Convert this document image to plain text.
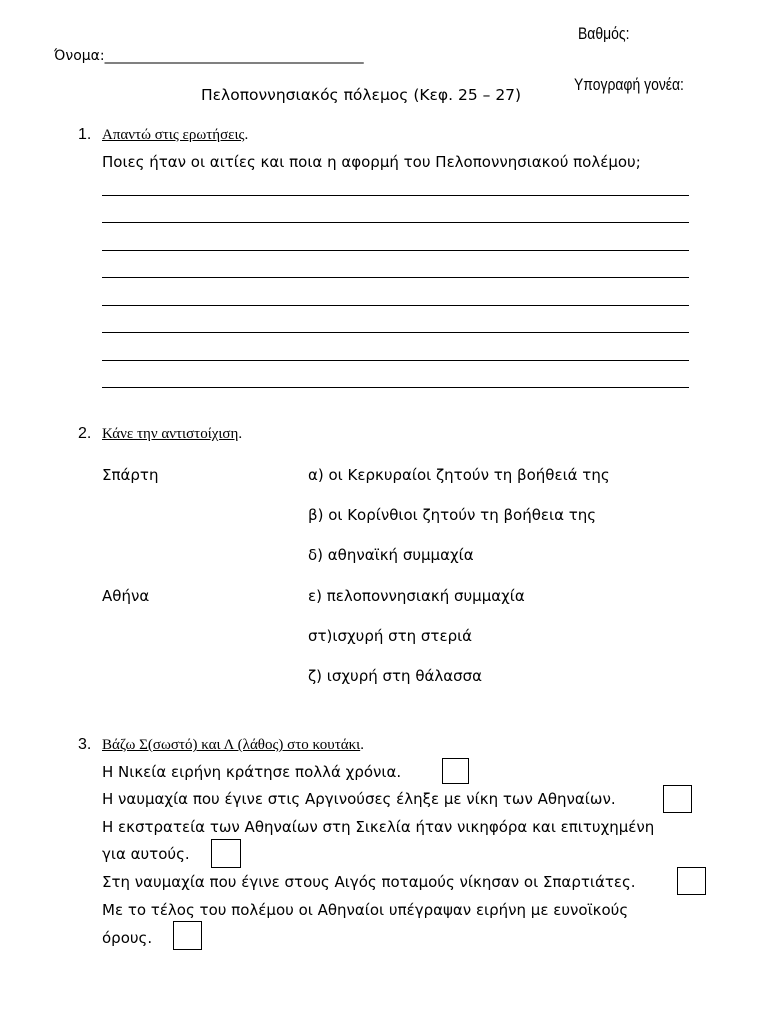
Βαθμός:
Όνομα:_____________________________________
Υπογραφή γονέα:
Πελοποννησιακός πόλεμος (Κεφ. 25 – 27)
1. Απαντώ στις ερωτήσεις.
Ποιες ήταν οι αιτίες και ποια η αφορμή του Πελοποννησιακού πολέμου;
2. Κάνε την αντιστοίχιση.
Σπάρτη
Αθήνα
α) οι Κερκυραίοι ζητούν τη βοήθειά της
β) οι Κορίνθιοι ζητούν τη βοήθεια της
δ) αθηναϊκή συμμαχία
ε) πελοποννησιακή συμμαχία
στ)ισχυρή στη στεριά
ζ) ισχυρή στη θάλασσα
3. Βάζω Σ(σωστό) και Λ (λάθος) στο κουτάκι.
Η Νικεία ειρήνη κράτησε πολλά χρόνια.
Η ναυμαχία που έγινε στις Αργινούσες έληξε με νίκη των Αθηναίων.
Η εκστρατεία των Αθηναίων στη Σικελία ήταν νικηφόρα και επιτυχημένη
για αυτούς.
Στη ναυμαχία που έγινε στους Αιγός ποταμούς νίκησαν οι Σπαρτιάτες.
Με το τέλος του πολέμου οι Αθηναίοι υπέγραψαν ειρήνη με ευνοϊκούς
όρους.
